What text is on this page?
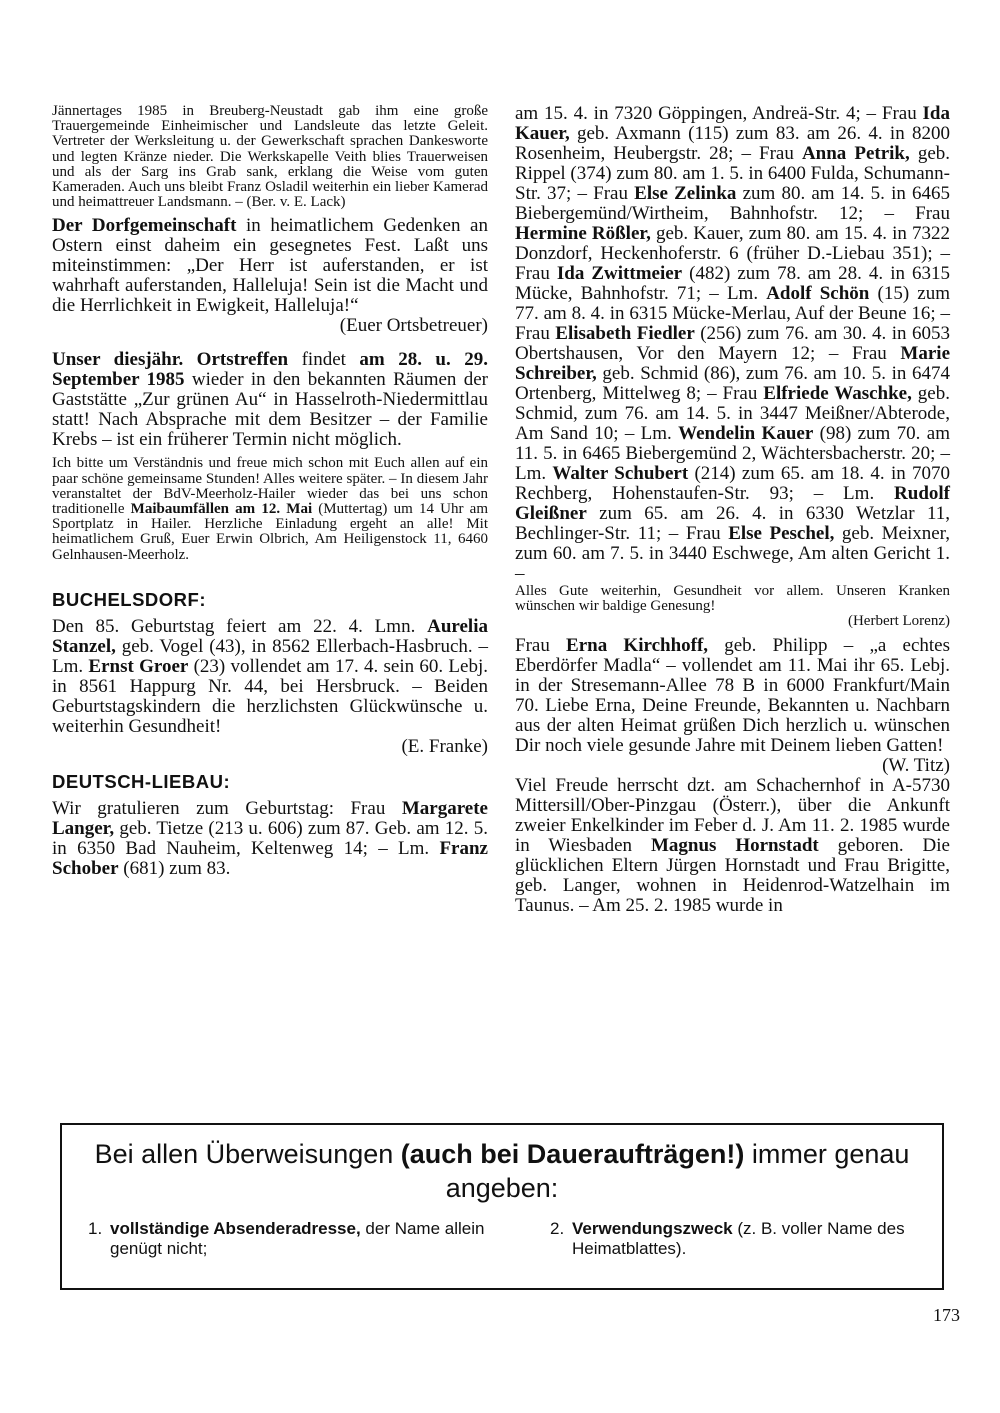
Jännertages 1985 in Breuberg-Neustadt gab ihm eine große Trauergemeinde Einheimischer und Landsleute das letzte Geleit. Vertreter der Werksleitung u. der Gewerkschaft sprachen Dankesworte und legten Kränze nieder. Die Werkskapelle Veith blies Trauerweisen und als der Sarg ins Grab sank, erklang die Weise vom guten Kameraden. Auch uns bleibt Franz Osladil weiterhin ein lieber Kamerad und heimattreuer Landsmann. – (Ber. v. E. Lack)

Der Dorfgemeinschaft in heimatlichem Gedenken an Ostern einst daheim ein gesegnetes Fest. Laßt uns miteinstimmen: „Der Herr ist auferstanden, er ist wahrhaft auferstanden, Halleluja! Sein ist die Macht und die Herrlichkeit in Ewigkeit, Halleluja!“
(Euer Ortsbetreuer)

Unser diesjähr. Ortstreffen findet am 28. u. 29. September 1985 wieder in den bekannten Räumen der Gaststätte „Zur grünen Au“ in Hasselroth-Niedermittlau statt! Nach Absprache mit dem Besitzer – der Familie Krebs – ist ein früherer Termin nicht möglich.

Ich bitte um Verständnis und freue mich schon mit Euch allen auf ein paar schöne gemeinsame Stunden! Alles weitere später. – In diesem Jahr veranstaltet der BdV-Meerholz-Hailer wieder das bei uns schon traditionelle Maibaumfällen am 12. Mai (Muttertag) um 14 Uhr am Sportplatz in Hailer. Herzliche Einladung ergeht an alle! Mit heimatlichem Gruß, Euer Erwin Olbrich, Am Heiligenstock 11, 6460 Gelnhausen-Meerholz.

BUCHELSDORF:

Den 85. Geburtstag feiert am 22. 4. Lmn. Aurelia Stanzel, geb. Vogel (43), in 8562 Ellerbach-Hasbruch. – Lm. Ernst Groer (23) vollendet am 17. 4. sein 60. Lebj. in 8561 Happurg Nr. 44, bei Hersbruck. – Beiden Geburtstagskindern die herzlichsten Glückwünsche u. weiterhin Gesundheit!
(E. Franke)

DEUTSCH-LIEBAU:

Wir gratulieren zum Geburtstag: Frau Margarete Langer, geb. Tietze (213 u. 606) zum 87. Geb. am 12. 5. in 6350 Bad Nauheim, Keltenweg 14; – Lm. Franz Schober (681) zum 83.

am 15. 4. in 7320 Göppingen, Andreä-Str. 4; – Frau Ida Kauer, geb. Axmann (115) zum 83. am 26. 4. in 8200 Rosenheim, Heubergstr. 28; – Frau Anna Petrik, geb. Rippel (374) zum 80. am 1. 5. in 6400 Fulda, Schumann-Str. 37; – Frau Else Zelinka zum 80. am 14. 5. in 6465 Biebergemünd/Wirtheim, Bahnhofstr. 12; – Frau Hermine Rößler, geb. Kauer, zum 80. am 15. 4. in 7322 Donzdorf, Heckenhoferstr. 6 (früher D.-Liebau 351); – Frau Ida Zwittmeier (482) zum 78. am 28. 4. in 6315 Mücke, Bahnhofstr. 71; – Lm. Adolf Schön (15) zum 77. am 8. 4. in 6315 Mücke-Merlau, Auf der Beune 16; – Frau Elisabeth Fiedler (256) zum 76. am 30. 4. in 6053 Obertshausen, Vor den Mayern 12; – Frau Marie Schreiber, geb. Schmid (86), zum 76. am 10. 5. in 6474 Ortenberg, Mittelweg 8; – Frau Elfriede Waschke, geb. Schmid, zum 76. am 14. 5. in 3447 Meißner/Abterode, Am Sand 10; – Lm. Wendelin Kauer (98) zum 70. am 11. 5. in 6465 Biebergemünd 2, Wächtersbacherstr. 20; – Lm. Walter Schubert (214) zum 65. am 18. 4. in 7070 Rechberg, Hohenstaufen-Str. 93; – Lm. Rudolf Gleißner zum 65. am 26. 4. in 6330 Wetzlar 11, Bechlinger-Str. 11; – Frau Else Peschel, geb. Meixner, zum 60. am 7. 5. in 3440 Eschwege, Am alten Gericht 1. –

Alles Gute weiterhin, Gesundheit vor allem. Unseren Kranken wünschen wir baldige Genesung!
(Herbert Lorenz)

Frau Erna Kirchhoff, geb. Philipp – „a echtes Eberdörfer Madla“ – vollendet am 11. Mai ihr 65. Lebj. in der Stresemann-Allee 78 B in 6000 Frankfurt/Main 70. Liebe Erna, Deine Freunde, Bekannten u. Nachbarn aus der alten Heimat grüßen Dich herzlich u. wünschen Dir noch viele gesunde Jahre mit Deinem lieben Gatten!
(W. Titz)

Viel Freude herrscht dzt. am Schachernhof in A-5730 Mittersill/Ober-Pinzgau (Österr.), über die Ankunft zweier Enkelkinder im Feber d. J. Am 11. 2. 1985 wurde in Wiesbaden Magnus Hornstadt geboren. Die glücklichen Eltern Jürgen Hornstadt und Frau Brigitte, geb. Langer, wohnen in Heidenrod-Watzelhain im Taunus. – Am 25. 2. 1985 wurde in

Bei allen Überweisungen (auch bei Daueraufträgen!) immer genau angeben:
1. vollständige Absenderadresse, der Name allein genügt nicht;
2. Verwendungszweck (z. B. voller Name des Heimatblattes).
173
